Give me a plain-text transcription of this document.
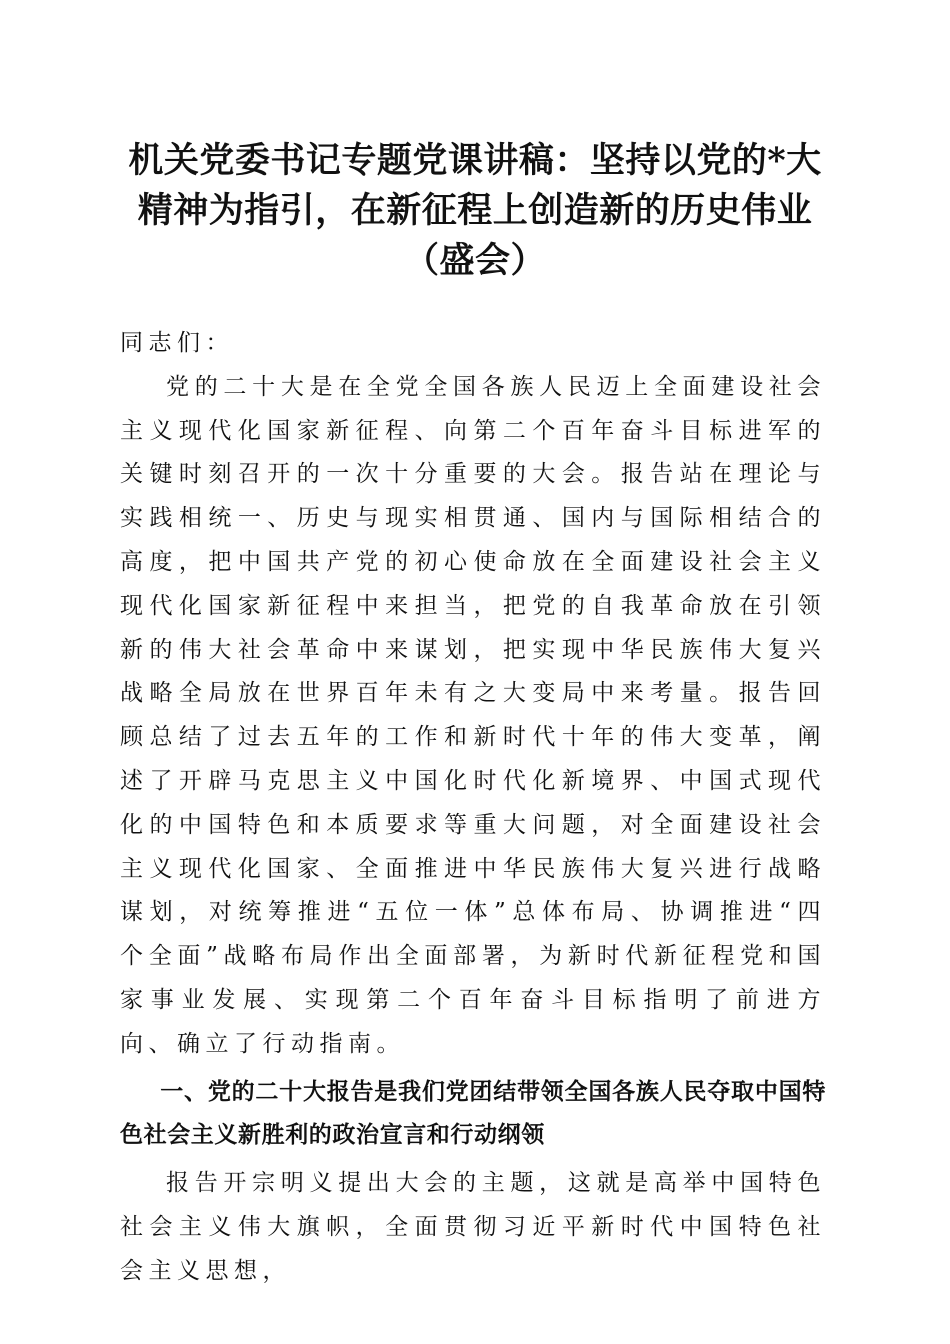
机关党委书记专题党课讲稿：坚持以党的*大
精神为指引，在新征程上创造新的历史伟业
（盛会）

同志们：

党的二十大是在全党全国各族人民迈上全面建设社会主义现代化国家新征程、向第二个百年奋斗目标进军的关键时刻召开的一次十分重要的大会。报告站在理论与实践相统一、历史与现实相贯通、国内与国际相结合的高度，把中国共产党的初心使命放在全面建设社会主义现代化国家新征程中来担当，把党的自我革命放在引领新的伟大社会革命中来谋划，把实现中华民族伟大复兴战略全局放在世界百年未有之大变局中来考量。报告回顾总结了过去五年的工作和新时代十年的伟大变革，阐述了开辟马克思主义中国化时代化新境界、中国式现代化的中国特色和本质要求等重大问题，对全面建设社会主义现代化国家、全面推进中华民族伟大复兴进行战略谋划，对统筹推进“五位一体”总体布局、协调推进“四个全面”战略布局作出全面部署，为新时代新征程党和国家事业发展、实现第二个百年奋斗目标指明了前进方向、确立了行动指南。

一、党的二十大报告是我们党团结带领全国各族人民夺取中国特色社会主义新胜利的政治宣言和行动纲领

报告开宗明义提出大会的主题，这就是高举中国特色社会主义伟大旗帜，全面贯彻习近平新时代中国特色社会主义思想，
